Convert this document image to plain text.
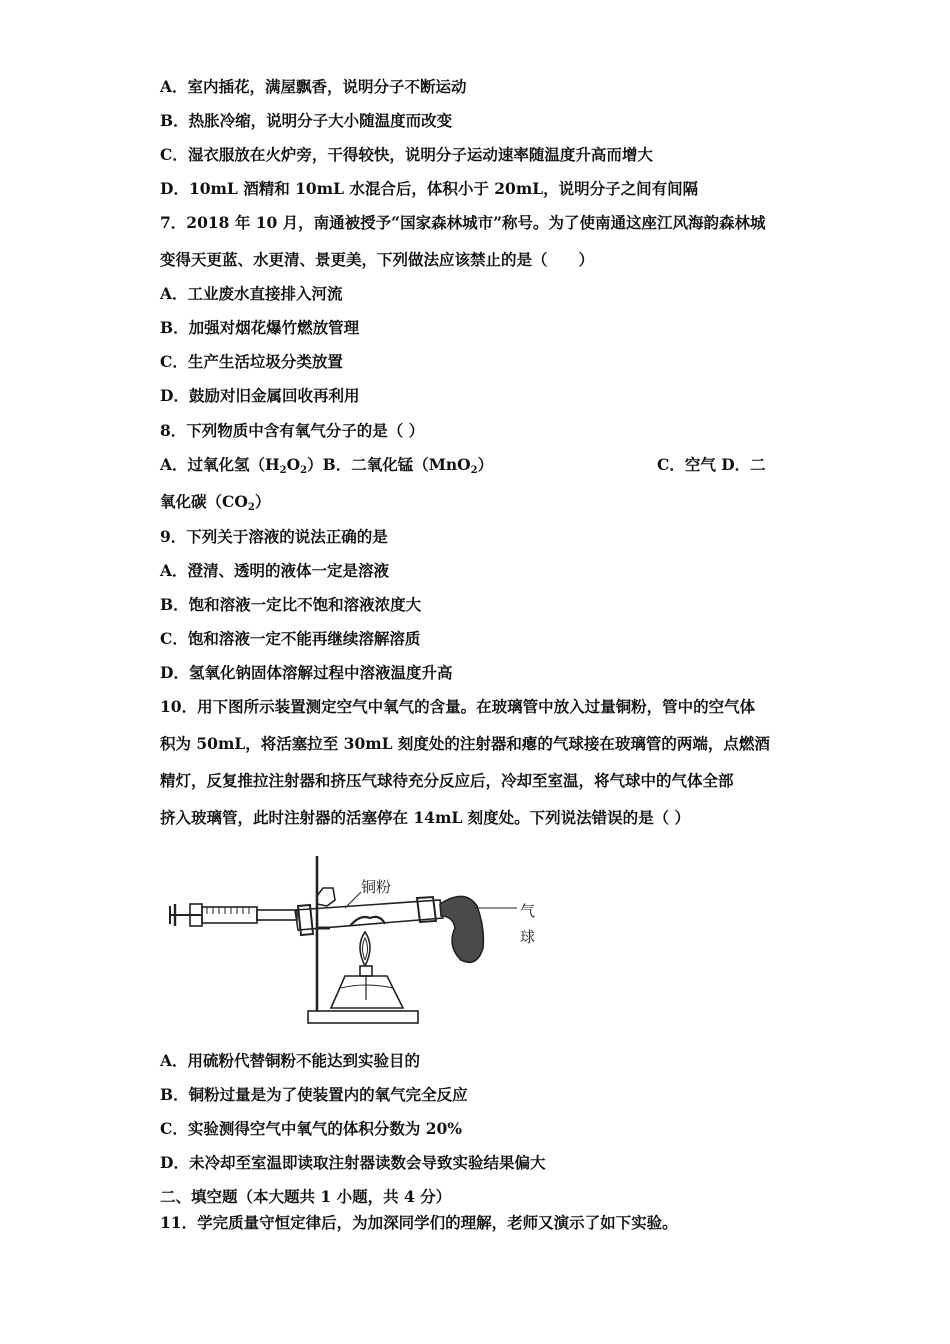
A．室内插花，满屋飘香，说明分子不断运动
B．热胀冷缩，说明分子大小随温度而改变
C．湿衣服放在火炉旁，干得较快，说明分子运动速率随温度升高而增大
D．10mL 酒精和 10mL 水混合后，体积小于 20mL，说明分子之间有间隔
7．2018 年 10 月，南通被授予“国家森林城市”称号。为了使南通这座江风海韵森林城
变得天更蓝、水更清、景更美，下列做法应该禁止的是（　　）
A．工业废水直接排入河流
B．加强对烟花爆竹燃放管理
C．生产生活垃圾分类放置
D．鼓励对旧金属回收再利用
8．下列物质中含有氧气分子的是（ ）
A．过氧化氢$(H_2O_2)B$．二氧化锰（MnO$_2$）	C．空气 D．二
氧化碳$(CO_2)$
9．下列关于溶液的说法正确的是
A．澄清、透明的液体一定是溶液
B．饱和溶液一定比不饱和溶液浓度大
C．饱和溶液一定不能再继续溶解溶质
D．氢氧化钠固体溶解过程中溶液温度升高
10．用下图所示装置测定空气中氧气的含量。在玻璃管中放入过量铜粉，管中的空气体
积为 50mL，将活塞拉至 30mL 刻度处的注射器和瘪的气球接在玻璃管的两端，点燃酒
精灯，反复推拉注射器和挤压气球待充分反应后，冷却至室温，将气球中的气体全部
挤入玻璃管，此时注射器的活塞停在 14mL 刻度处。下列说法错误的是（ ）
铜粉
气
球
A．用硫粉代替铜粉不能达到实验目的
B．铜粉过量是为了使装置内的氧气完全反应
C．实验测得空气中氧气的体积分数为 20%
D．未冷却至室温即读取注射器读数会导致实验结果偏大
二、填空题（本大题共 1 小题，共 4 分）
11．学完质量守恒定律后，为加深同学们的理解，老师又演示了如下实验。
